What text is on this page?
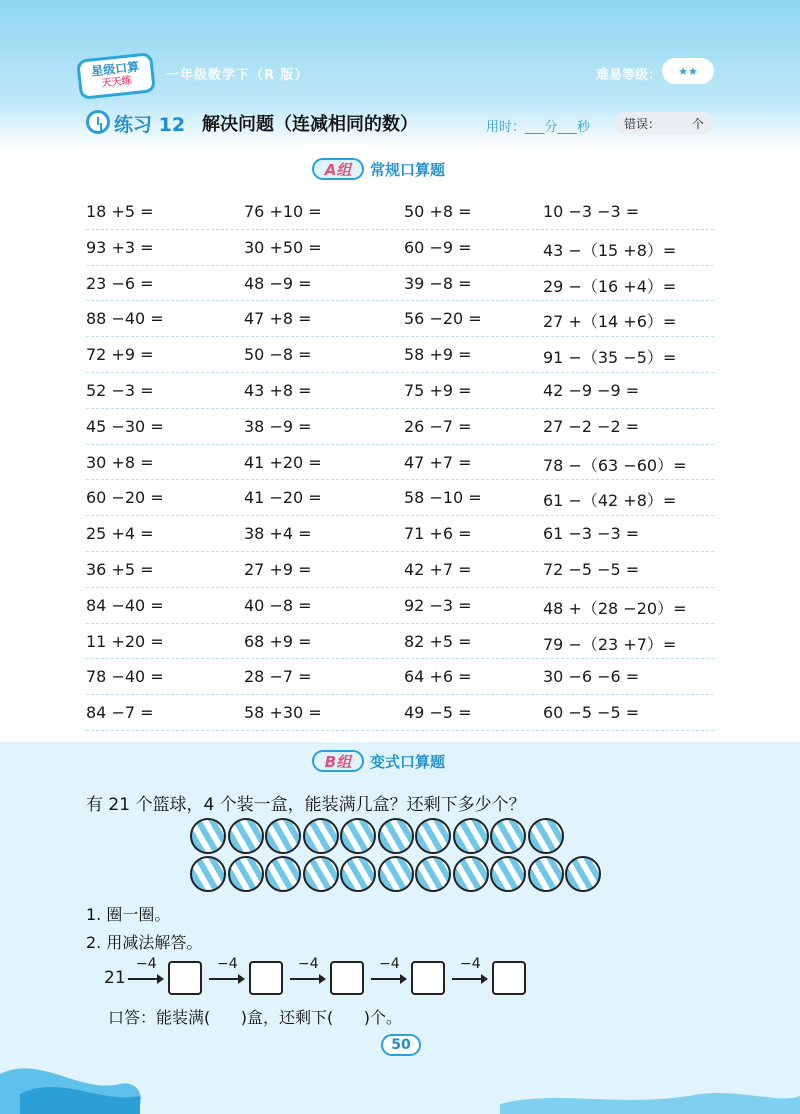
星级口算
天天练	一年级数学下（R 版）	难易等级： ★★
练习 12 解决问题（连减相同的数）	用时：___分___秒	错误：	个
A组	常规口算题
18 +5 =	76 +10 =	50 +8 =	10 −3 −3 =
93 +3 =	30 +50 =	60 −9 =	43 −（15 +8）=
23 −6 =	48 −9 =	39 −8 =	29 −（16 +4）=
88 −40 =	47 +8 =	56 −20 =	27 +（14 +6）=
72 +9 =	50 −8 =	58 +9 =	91 −（35 −5）=
52 −3 =	43 +8 =	75 +9 =	42 −9 −9 =
45 −30 =	38 −9 =	26 −7 =	27 −2 −2 =
30 +8 =	41 +20 =	47 +7 =	78 −（63 −60）=
60 −20 =	41 −20 =	58 −10 =	61 −（42 +8）=
25 +4 =	38 +4 =	71 +6 =	61 −3 −3 =
36 +5 =	27 +9 =	42 +7 =	72 −5 −5 =
84 −40 =	40 −8 =	92 −3 =	48 +（28 −20）=
11 +20 =	68 +9 =	82 +5 =	79 −（23 +7）=
78 −40 =	28 −7 =	64 +6 =	30 −6 −6 =
84 −7 =	58 +30 =	49 −5 =	60 −5 −5 =
B组	变式口算题
有 21 个篮球，4 个装一盒，能装满几盒？还剩下多少个？
1. 圈一圈。
2. 用减法解答。
21
−4	−4	−4	−4	−4
口答：能装满(      )盒，还剩下(      )个。
50
